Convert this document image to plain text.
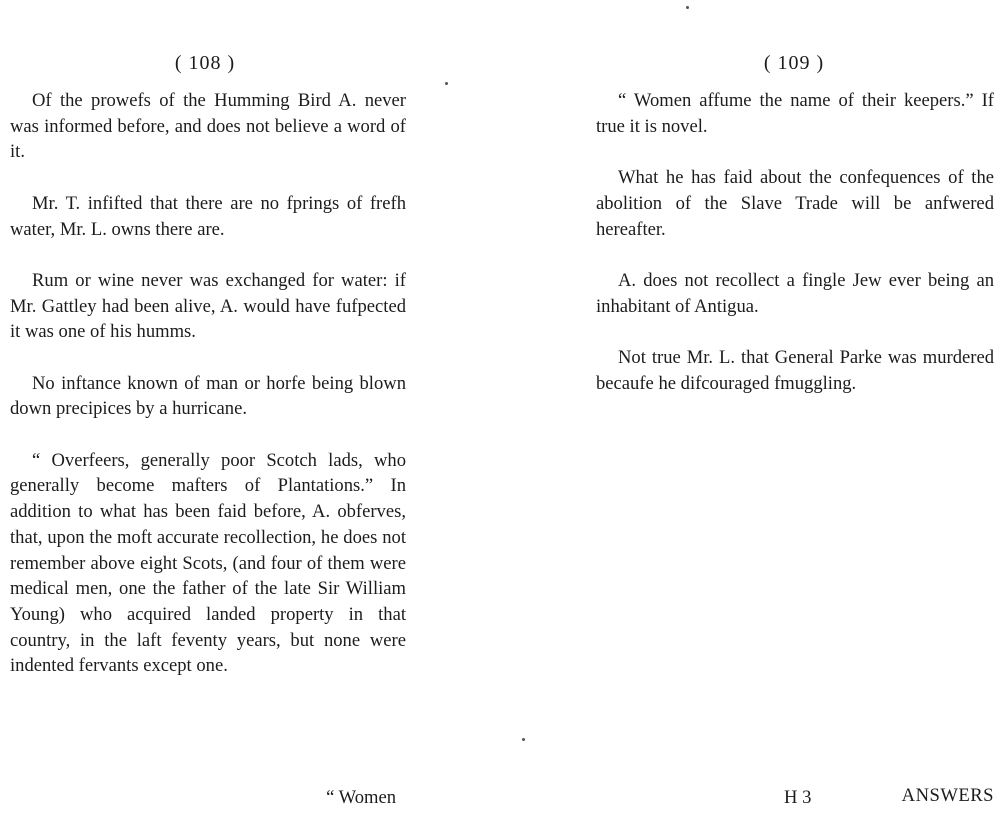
( 108 )

Of the prowefs of the Humming Bird A. never was informed before, and does not believe a word of it.

Mr. T. infifted that there are no fprings of frefh water, Mr. L. owns there are.

Rum or wine never was exchanged for water: if Mr. Gattley had been alive, A. would have fufpected it was one of his humms.

No inftance known of man or horfe being blown down precipices by a hurricane.

“ Overfeers, generally poor Scotch lads, who generally become mafters of Plantations.” In addition to what has been faid before, A. obferves, that, upon the moft accurate recollection, he does not remember above eight Scots, (and four of them were medical men, one the father of the late Sir William Young) who acquired landed property in that country, in the laft feventy years, but none were indented fervants except one.

“ Women
( 109 )

“ Women affume the name of their keepers.” If true it is novel.

What he has faid about the confequences of the abolition of the Slave Trade will be anfwered hereafter.

A. does not recollect a fingle Jew ever being an inhabitant of Antigua.

Not true Mr. L. that General Parke was murdered becaufe he difcouraged fmuggling.

H 3	ANSWERS
